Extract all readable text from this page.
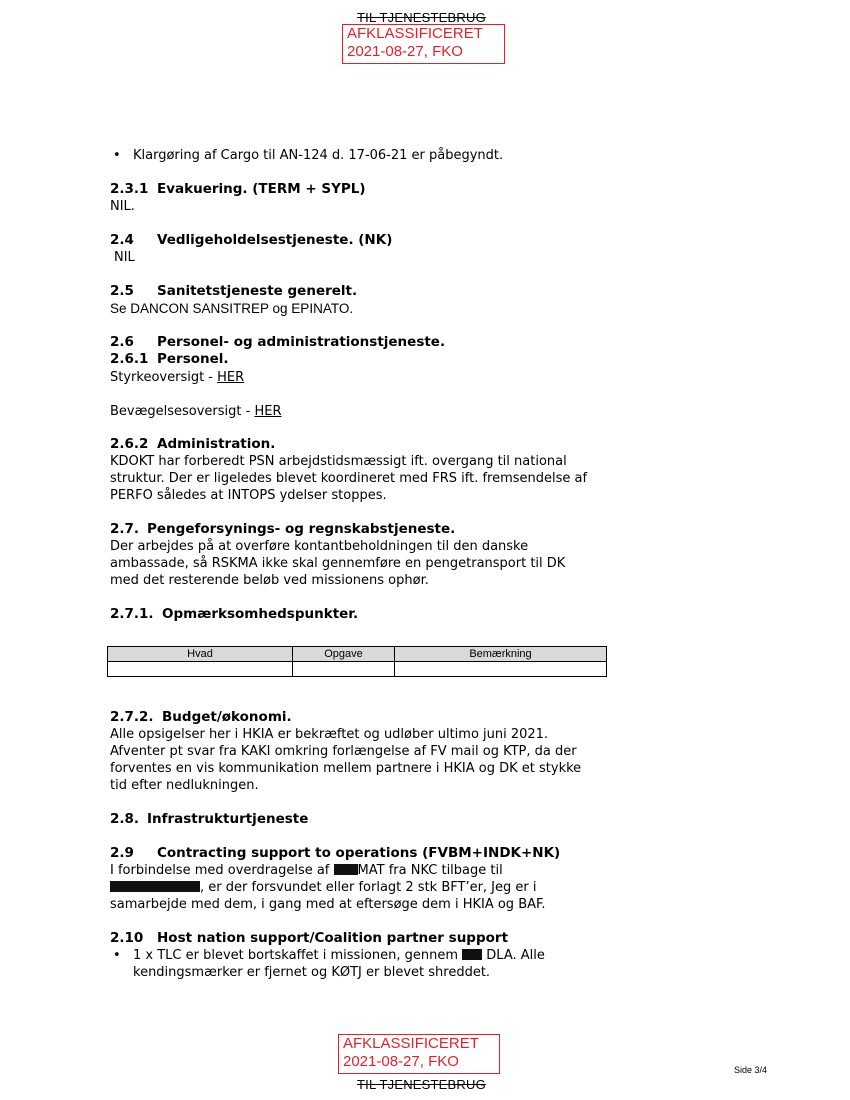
TIL TJENESTEBRUG
AFKLASSIFICERET
2021-08-27, FKO
• Klargøring af Cargo til AN-124 d. 17-06-21 er påbegyndt.
2.3.1 Evakuering. (TERM + SYPL)
NIL.
2.4 Vedligeholdelsestjeneste. (NK)
NIL
2.5 Sanitetstjeneste generelt.
Se DANCON SANSITREP og EPINATO.
2.6 Personel- og administrationstjeneste.
2.6.1 Personel.
Styrkeoversigt - HER
Bevægelsesoversigt - HER
2.6.2 Administration.
KDOKT har forberedt PSN arbejdstidsmæssigt ift. overgang til national
struktur. Der er ligeledes blevet koordineret med FRS ift. fremsendelse af
PERFO således at INTOPS ydelser stoppes.
2.7. Pengeforsynings- og regnskabstjeneste.
Der arbejdes på at overføre kontantbeholdningen til den danske
ambassade, så RSKMA ikke skal gennemføre en pengetransport til DK
med det resterende beløb ved missionens ophør.
2.7.1. Opmærksomhedspunkter.
Hvad	Opgave	Bemærkning

2.7.2. Budget/økonomi.
Alle opsigelser her i HKIA er bekræftet og udløber ultimo juni 2021.
Afventer pt svar fra KAKI omkring forlængelse af FV mail og KTP, da der
forventes en vis kommunikation mellem partnere i HKIA og DK et stykke
tid efter nedlukningen.
2.8. Infrastrukturtjeneste
2.9 Contracting support to operations (FVBM+INDK+NK)
I forbindelse med overdragelse af MAT fra NKC tilbage til
, er der forsvundet eller forlagt 2 stk BFT’er, Jeg er i
samarbejde med dem, i gang med at eftersøge dem i HKIA og BAF.
2.10 Host nation support/Coalition partner support
• 1 x TLC er blevet bortskaffet i missionen, gennem  DLA. Alle
kendingsmærker er fjernet og KØTJ er blevet shreddet.
AFKLASSIFICERET
2021-08-27, FKO
TIL TJENESTEBRUG
Side 3/4
